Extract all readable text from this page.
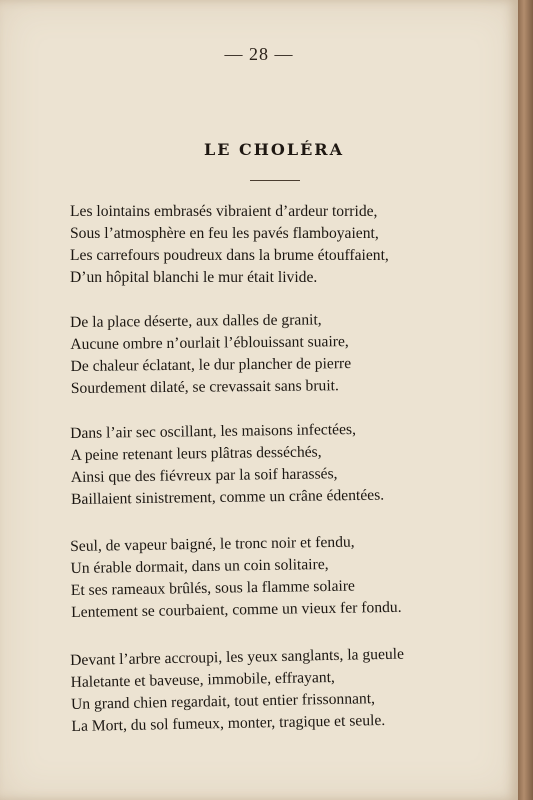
— 28 —
LE CHOLÉRA
Les lointains embrasés vibraient d’ardeur torride,
Sous l’atmosphère en feu les pavés flamboyaient,
Les carrefours poudreux dans la brume étouffaient,
D’un hôpital blanchi le mur était livide.
De la place déserte, aux dalles de granit,
Aucune ombre n’ourlait l’éblouissant suaire,
De chaleur éclatant, le dur plancher de pierre
Sourdement dilaté, se crevassait sans bruit.
Dans l’air sec oscillant, les maisons infectées,
A peine retenant leurs plâtras desséchés,
Ainsi que des fiévreux par la soif harassés,
Baillaient sinistrement, comme un crâne édentées.
Seul, de vapeur baigné, le tronc noir et fendu,
Un érable dormait, dans un coin solitaire,
Et ses rameaux brûlés, sous la flamme solaire
Lentement se courbaient, comme un vieux fer fondu.
Devant l’arbre accroupi, les yeux sanglants, la gueule
Haletante et baveuse, immobile, effrayant,
Un grand chien regardait, tout entier frissonnant,
La Mort, du sol fumeux, monter, tragique et seule.
